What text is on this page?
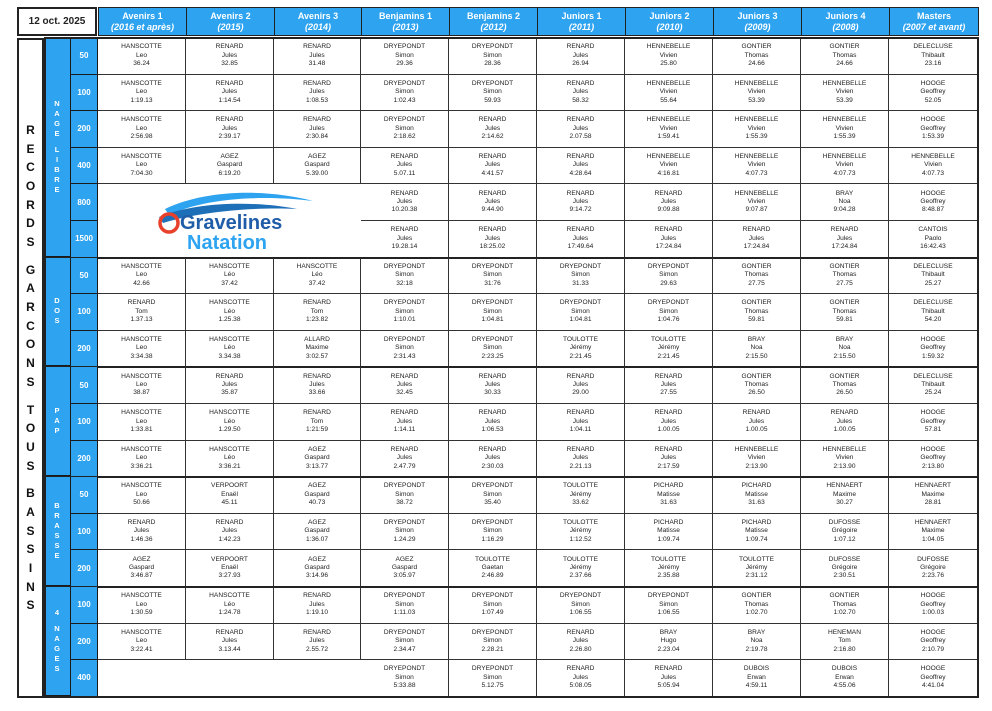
12 oct. 2025
R
E
C
O
R
D
S
G
A
R
C
O
N
S
T
O
U
S
B
A
S
S
I
N
S
Avenirs 1
(2016 et après)
Avenirs 2
(2015)
Avenirs 3
(2014)
Benjamins 1
(2013)
Benjamins 2
(2012)
Juniors 1
(2011)
Juniors 2
(2010)
Juniors 3
(2009)
Juniors 4
(2008)
Masters
(2007 et avant)
N
A
G
E
L
I
B
R
E
50
HANSCOTTE
Leo
36.24
RENARD
Jules
32.85
RENARD
Jules
31.48
DRYEPONDT
Simon
29.36
DRYEPONDT
Simon
28.36
RENARD
Jules
26.94
HENNEBELLE
Vivien
25.80
GONTIER
Thomas
24.66
GONTIER
Thomas
24.66
DELECLUSE
Thibault
23.16
100
HANSCOTTE
Leo
1:19.13
RENARD
Jules
1:14.54
RENARD
Jules
1:08.53
DRYEPONDT
Simon
1:02.43
DRYEPONDT
Simon
59.93
RENARD
Jules
58.32
HENNEBELLE
Vivien
55.64
HENNEBELLE
Vivien
53.39
HENNEBELLE
Vivien
53.39
HOOGE
Geoffrey
52.05
200
HANSCOTTE
Leo
2:56.98
RENARD
Jules
2:39.17
RENARD
Jules
2:30.84
DRYEPONDT
Simon
2:18.62
RENARD
Jules
2:14.62
RENARD
Jules
2.07.58
HENNEBELLE
Vivien
1:59.41
HENNEBELLE
Vivien
1:55.39
HENNEBELLE
Vivien
1:55.39
HOOGE
Geoffrey
1:53.39
400
HANSCOTTE
Leo
7:04.30
AGEZ
Gaspard
6:19.20
AGEZ
Gaspard
5.39.00
RENARD
Jules
5.07.11
RENARD
Jules
4:41.57
RENARD
Jules
4:28.64
HENNEBELLE
Vivien
4:16.81
HENNEBELLE
Vivien
4:07.73
HENNEBELLE
Vivien
4:07.73
HENNEBELLE
Vivien
4:07.73
800
RENARD
Jules
10.20.38
RENARD
Jules
9:44.90
RENARD
Jules
9:14.72
RENARD
Jules
9:09.88
HENNEBELLE
Vivien
9:07.87
BRAY
Noa
9:04.28
HOOGE
Geoffrey
8:48.87
1500
RENARD
Jules
19.28.14
RENARD
Jules
18:25.02
RENARD
Jules
17:49.64
RENARD
Jules
17:24.84
RENARD
Jules
17:24.84
RENARD
Jules
17:24.84
CANTOIS
Paolo
16:42.43
D
O
S
50
HANSCOTTE
Leo
42.66
HANSCOTTE
Léo
37.42
HANSCOTTE
Léo
37.42
DRYEPONDT
Simon
32:18
DRYEPONDT
Simon
31:76
DRYEPONDT
Simon
31.33
DRYEPONDT
Simon
29.63
GONTIER
Thomas
27.75
GONTIER
Thomas
27.75
DELECLUSE
Thibault
25.27
100
RENARD
Tom
1.37.13
HANSCOTTE
Léo
1.25.38
RENARD
Tom
1:23.82
DRYEPONDT
Simon
1:10.01
DRYEPONDT
Simon
1:04.81
DRYEPONDT
Simon
1:04.81
DRYEPONDT
Simon
1:04.76
GONTIER
Thomas
59.81
GONTIER
Thomas
59.81
DELECLUSE
Thibault
54.20
200
HANSCOTTE
Leo
3:34.38
HANSCOTTE
Léo
3.34.38
ALLARD
Maxime
3:02.57
DRYEPONDT
Simon
2:31.43
DRYEPONDT
Simon
2:23.25
TOULOTTE
Jérémy
2:21.45
TOULOTTE
Jérémy
2:21.45
BRAY
Noa
2:15.50
BRAY
Noa
2:15.50
HOOGE
Geoffrey
1:59.32
P
A
P
50
HANSCOTTE
Leo
38.87
RENARD
Jules
35.87
RENARD
Jules
33.66
RENARD
Jules
32.45
RENARD
Jules
30.33
RENARD
Jules
29.00
RENARD
Jules
27.55
GONTIER
Thomas
26.50
GONTIER
Thomas
26.50
DELECLUSE
Thibault
25.24
100
HANSCOTTE
Leo
1:33.81
HANSCOTTE
Léo
1.29.50
RENARD
Tom
1:21:59
RENARD
Jules
1:14.11
RENARD
Jules
1:06.53
RENARD
Jules
1:04.11
RENARD
Jules
1.00.05
RENARD
Jules
1.00.05
RENARD
Jules
1.00.05
HOOGE
Geoffrey
57.81
200
HANSCOTTE
Leo
3:36.21
HANSCOTTE
Léo
3:36.21
AGEZ
Gaspard
3:13.77
RENARD
Jules
2.47.79
RENARD
Jules
2:30.03
RENARD
Jules
2.21.13
RENARD
Jules
2:17.59
HENNEBELLE
Vivien
2:13.90
HENNEBELLE
Vivien
2:13.90
HOOGE
Geoffrey
2:13.80
B
R
A
S
S
E
50
HANSCOTTE
Leo
50.66
VERPOORT
Enaël
45.11
AGEZ
Gaspard
40.73
DRYEPONDT
Simon
38.72
DRYEPONDT
Simon
35.40
TOULOTTE
Jérémy
33.62
PICHARD
Matisse
31.63
PICHARD
Matisse
31.63
HENNAERT
Maxime
30.27
HENNAERT
Maxime
28.81
100
RENARD
Jules
1:46.36
RENARD
Jules
1:42.23
AGEZ
Gaspard
1:36.07
DRYEPONDT
Simon
1.24.29
DRYEPONDT
Simon
1:16.29
TOULOTTE
Jérémy
1:12.52
PICHARD
Matisse
1:09.74
PICHARD
Matisse
1:09.74
DUFOSSE
Grégoire
1:07.12
HENNAERT
Maxime
1:04.05
200
AGEZ
Gaspard
3:46.87
VERPOORT
Enaël
3:27.93
AGEZ
Gaspard
3:14.96
AGEZ
Gaspard
3:05.97
TOULOTTE
Gaetan
2:46.89
TOULOTTE
Jérémy
2.37.66
TOULOTTE
Jérémy
2.35.88
TOULOTTE
Jérémy
2:31.12
DUFOSSE
Grégoire
2:30.51
DUFOSSE
Grégoire
2:23.76
4
N
A
G
E
S
100
HANSCOTTE
Leo
1:30.59
HANSCOTTE
Léo
1:24.78
RENARD
Jules
1:19.10
DRYEPONDT
Simon
1:11.03
DRYEPONDT
Simon
1:07.49
DRYEPONDT
Simon
1:06.55
DRYEPONDT
Simon
1:06.55
GONTIER
Thomas
1:02.70
GONTIER
Thomas
1:02.70
HOOGE
Geoffrey
1:00.03
200
HANSCOTTE
Leo
3:22.41
RENARD
Jules
3.13.44
RENARD
Jules
2.55.72
DRYEPONDT
Simon
2.34.47
DRYEPONDT
Simon
2.28.21
RENARD
Jules
2.26.80
BRAY
Hugo
2.23.04
BRAY
Noa
2:19.78
HENEMAN
Tom
2:16.80
HOOGE
Geoffrey
2:10.79
400
DRYEPONDT
Simon
5:33.88
DRYEPONDT
Simon
5.12.75
RENARD
Jules
5:08.05
RENARD
Jules
5:05.94
DUBOIS
Erwan
4:59.11
DUBOIS
Erwan
4:55.06
HOOGE
Geoffrey
4:41.04
Gravelines
Natation
